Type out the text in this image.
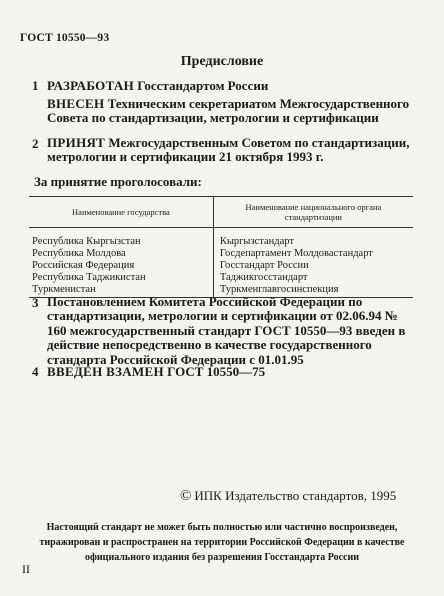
ГОСТ 10550—93
Предисловие
1 РАЗРАБОТАН Госстандартом России
ВНЕСЕН Техническим секретариатом Межгосударственного Совета по стандартизации, метрологии и сертификации
2 ПРИНЯТ Межгосударственным Советом по стандартизации, метрологии и сертификации 21 октября 1993 г.
За принятие проголосовали:
Наименование государства	Наименование национального органа стандартизации
Республика Кыргызстан	Кыргызстандарт
Республика Молдова	Госдепартамент Молдовастандарт
Российская Федерация	Госстандарт России
Республика Таджикистан	Таджикгосстандарт
Туркменистан	Туркменглавгосинспекция
3 Постановлением Комитета Российской Федерации по стандартизации, метрологии и сертификации от 02.06.94 № 160 межгосударственный стандарт ГОСТ 10550—93 введен в действие непосредственно в качестве государственного стандарта Российской Федерации с 01.01.95
4 ВВЕДЕН ВЗАМЕН ГОСТ 10550—75
© ИПК Издательство стандартов, 1995
Настоящий стандарт не может быть полностью или частично воспроизведен, тиражирован и распространен на территории Российской Федерации в качестве официального издания без разрешения Госстандарта России
II
